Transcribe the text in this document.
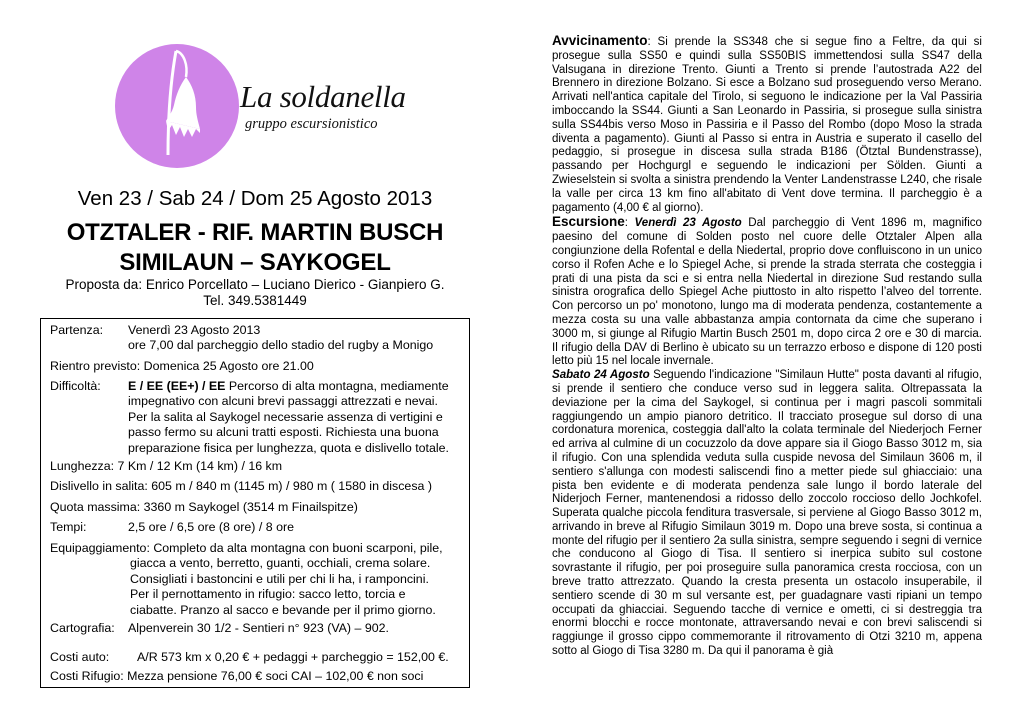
La soldanella
gruppo escursionistico
Ven 23 / Sab 24 / Dom 25 Agosto 2013
OTZTALER - RIF. MARTIN BUSCH
SIMILAUN – SAYKOGEL
Proposta da: Enrico Porcellato – Luciano Dierico - Gianpiero G.
Tel. 349.5381449
Partenza: Venerdì 23 Agosto 2013
ore 7,00 dal parcheggio dello stadio del rugby a Monigo
Rientro previsto: Domenica 25 Agosto ore 21.00
Difficoltà: E / EE (EE+) / EE Percorso di alta montagna, mediamente
impegnativo con alcuni brevi passaggi attrezzati e nevai.
Per la salita al Saykogel necessarie assenza di vertigini e
passo fermo su alcuni tratti esposti. Richiesta una buona
preparazione fisica per lunghezza, quota e dislivello totale.
Lunghezza: 7 Km / 12 Km (14 km) / 16 km
Dislivello in salita: 605 m / 840 m (1145 m) / 980 m ( 1580 in discesa )
Quota massima: 3360 m Saykogel (3514 m Finailspitze)
Tempi:	2,5 ore / 6,5 ore (8 ore) / 8 ore
Equipaggiamento: Completo da alta montagna con buoni scarponi, pile,
giacca a vento, berretto, guanti, occhiali, crema solare.
Consigliati i bastoncini e utili per chi li ha, i ramponcini.
Per il pernottamento in rifugio: sacco letto, torcia e
ciabatte. Pranzo al sacco e bevande per il primo giorno.
Cartografia: Alpenverein 30 1/2 - Sentieri n° 923 (VA) – 902.
Costi auto: A/R 573 km x 0,20 € + pedaggi + parcheggio = 152,00 €.
Costi Rifugio: Mezza pensione 76,00 € soci CAI – 102,00 € non soci

Avvicinamento: Si prende la SS348 che si segue fino a Feltre, da qui si prosegue sulla SS50 e quindi sulla SS50BIS immettendosi sulla SS47 della Valsugana in direzione Trento. Giunti a Trento si prende l’autostrada A22 del Brennero in direzione Bolzano. Si esce a Bolzano sud proseguendo verso Merano. Arrivati nell'antica capitale del Tirolo, si seguono le indicazione per la Val Passiria imboccando la SS44. Giunti a San Leonardo in Passiria, si prosegue sulla sinistra sulla SS44bis verso Moso in Passiria e il Passo del Rombo (dopo Moso la strada diventa a pagamento). Giunti al Passo si entra in Austria e superato il casello del pedaggio, si prosegue in discesa sulla strada B186 (Ötztal Bundenstrasse), passando per Hochgurgl e seguendo le indicazioni per Sölden. Giunti a Zwieselstein si svolta a sinistra prendendo la Venter Landenstrasse L240, che risale la valle per circa 13 km fino all'abitato di Vent dove termina. Il parcheggio è a pagamento (4,00 € al giorno).

Escursione: Venerdì 23 Agosto Dal parcheggio di Vent 1896 m, magnifico paesino del comune di Solden posto nel cuore delle Otztaler Alpen alla congiunzione della Rofental e della Niedertal, proprio dove confluiscono in un unico corso il Rofen Ache e lo Spiegel Ache, si prende la strada sterrata che costeggia i prati di una pista da sci e si entra nella Niedertal in direzione Sud restando sulla sinistra orografica dello Spiegel Ache piuttosto in alto rispetto l’alveo del torrente. Con percorso un po' monotono, lungo ma di moderata pendenza, costantemente a mezza costa su una valle abbastanza ampia contornata da cime che superano i 3000 m, si giunge al Rifugio Martin Busch 2501 m, dopo circa 2 ore e 30 di marcia. Il rifugio della DAV di Berlino è ubicato su un terrazzo erboso e dispone di 120 posti letto più 15 nel locale invernale.

Sabato 24 Agosto Seguendo l'indicazione "Similaun Hutte" posta davanti al rifugio, si prende il sentiero che conduce verso sud in leggera salita. Oltrepassata la deviazione per la cima del Saykogel, si continua per i magri pascoli sommitali raggiungendo un ampio pianoro detritico. Il tracciato prosegue sul dorso di una cordonatura morenica, costeggia dall'alto la colata terminale del Niederjoch Ferner ed arriva al culmine di un cocuzzolo da dove appare sia il Giogo Basso 3012 m, sia il rifugio. Con una splendida veduta sulla cuspide nevosa del Similaun 3606 m, il sentiero s'allunga con modesti saliscendi fino a metter piede sul ghiacciaio: una pista ben evidente e di moderata pendenza sale lungo il bordo laterale del Niderjoch Ferner, mantenendosi a ridosso dello zoccolo roccioso dello Jochkofel. Superata qualche piccola fenditura trasversale, si perviene al Giogo Basso 3012 m, arrivando in breve al Rifugio Similaun 3019 m. Dopo una breve sosta, si continua a monte del rifugio per il sentiero 2a sulla sinistra, sempre seguendo i segni di vernice che conducono al Giogo di Tisa. Il sentiero si inerpica subito sul costone sovrastante il rifugio, per poi proseguire sulla panoramica cresta rocciosa, con un breve tratto attrezzato. Quando la cresta presenta un ostacolo insuperabile, il sentiero scende di 30 m sul versante est, per guadagnare vasti ripiani un tempo occupati da ghiacciai. Seguendo tacche di vernice e ometti, ci si destreggia tra enormi blocchi e rocce montonate, attraversando nevai e con brevi saliscendi si raggiunge il grosso cippo commemorante il ritrovamento di Otzi 3210 m, appena sotto al Giogo di Tisa 3280 m. Da qui il panorama è già
